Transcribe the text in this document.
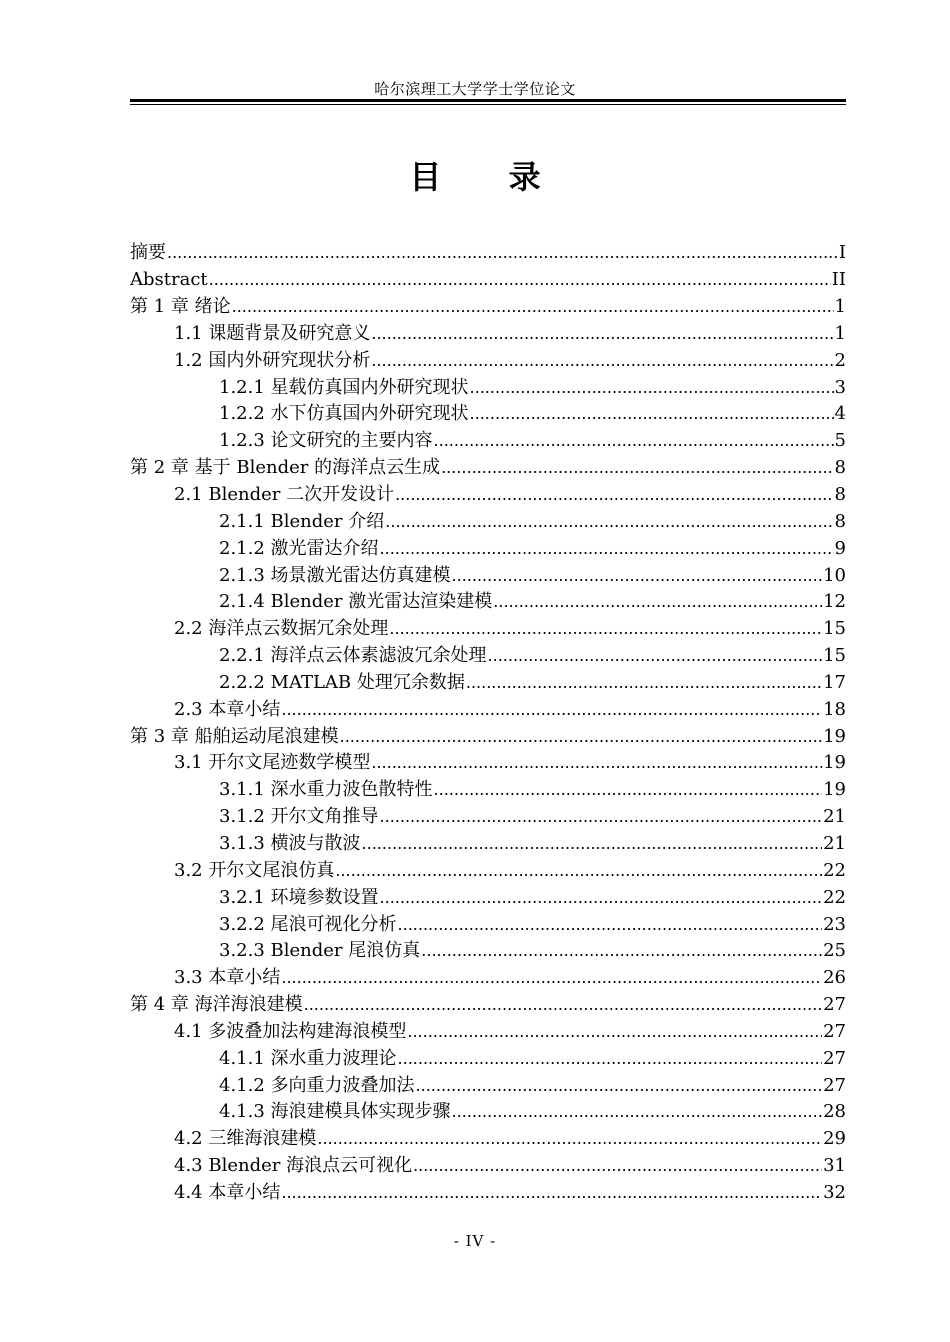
哈尔滨理工大学学士学位论文
目 录
摘要 .....	I
Abstract .....	II
第 1 章 绪论 .....	1
1.1 课题背景及研究意义 .....	1
1.2 国内外研究现状分析 .....	2
1.2.1 星载仿真国内外研究现状 .....	3
1.2.2 水下仿真国内外研究现状 .....	4
1.2.3 论文研究的主要内容 .....	5
第 2 章 基于 Blender 的海洋点云生成 .....	8
2.1 Blender 二次开发设计 .....	8
2.1.1 Blender 介绍 .....	8
2.1.2 激光雷达介绍 .....	9
2.1.3 场景激光雷达仿真建模 .....	10
2.1.4 Blender 激光雷达渲染建模 .....	12
2.2 海洋点云数据冗余处理 .....	15
2.2.1 海洋点云体素滤波冗余处理 .....	15
2.2.2 MATLAB 处理冗余数据 .....	17
2.3 本章小结 .....	18
第 3 章 船舶运动尾浪建模 .....	19
3.1 开尔文尾迹数学模型 .....	19
3.1.1 深水重力波色散特性 .....	19
3.1.2 开尔文角推导 .....	21
3.1.3 横波与散波 .....	21
3.2 开尔文尾浪仿真 .....	22
3.2.1 环境参数设置 .....	22
3.2.2 尾浪可视化分析 .....	23
3.2.3 Blender 尾浪仿真 .....	25
3.3 本章小结 .....	26
第 4 章 海洋海浪建模 .....	27
4.1 多波叠加法构建海浪模型 .....	27
4.1.1 深水重力波理论 .....	27
4.1.2 多向重力波叠加法 .....	27
4.1.3 海浪建模具体实现步骤 .....	28
4.2 三维海浪建模 .....	29
4.3 Blender 海浪点云可视化 .....	31
4.4 本章小结 .....	32
- IV -
